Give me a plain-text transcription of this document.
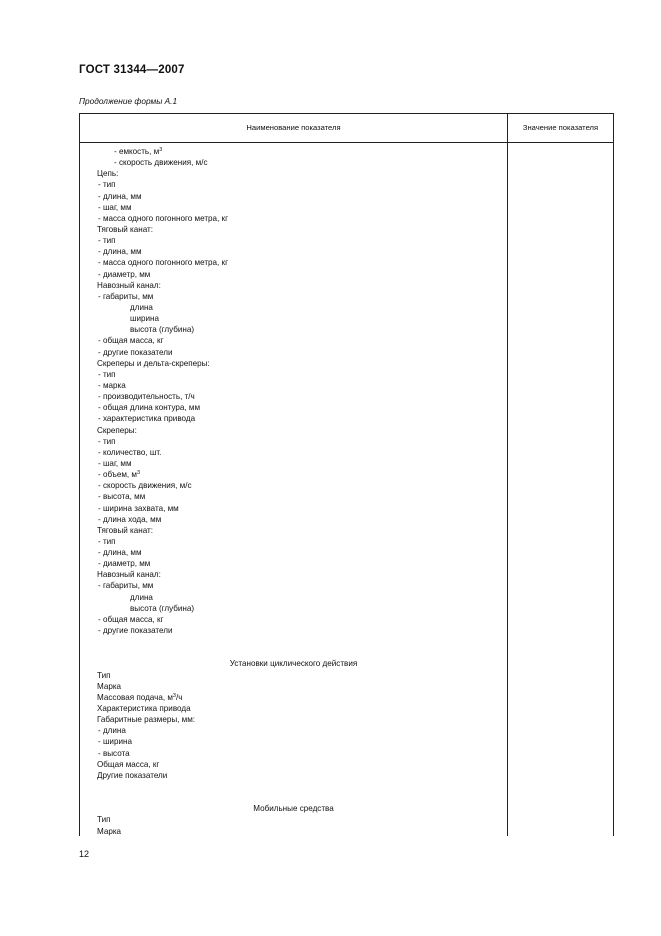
ГОСТ 31344—2007
Продолжение формы А.1
Наименование показателя	Значение показателя
- емкость, $м^3$
- скорость движения, м/с
Цепь:
- тип
- длина, мм
- шаг, мм
- масса одного погонного метра, кг
Тяговый канат:
- тип
- длина, мм
- масса одного погонного метра, кг
- диаметр, мм
Навозный канал:
- габариты, мм
длина
ширина
высота (глубина)
- общая масса, кг
- другие показатели
Скреперы и дельта-скреперы:
- тип
- марка
- производительность, т/ч
- общая длина контура, мм
- характеристика привода
Скреперы:
- тип
- количество, шт.
- шаг, мм
- объем, $м^3$
- скорость движения, м/с
- высота, мм
- ширина захвата, мм
- длина хода, мм
Тяговый канат:
- тип
- длина, мм
- диаметр, мм
Навозный канал:
- габариты, мм
длина
высота (глубина)
- общая масса, кг
- другие показатели
Установки циклического действия
Тип
Марка
Массовая подача, $м^3/ч$
Характеристика привода
Габаритные размеры, мм:
- длина
- ширина
- высота
Общая масса, кг
Другие показатели
Мобильные средства
Тип
Марка
12
